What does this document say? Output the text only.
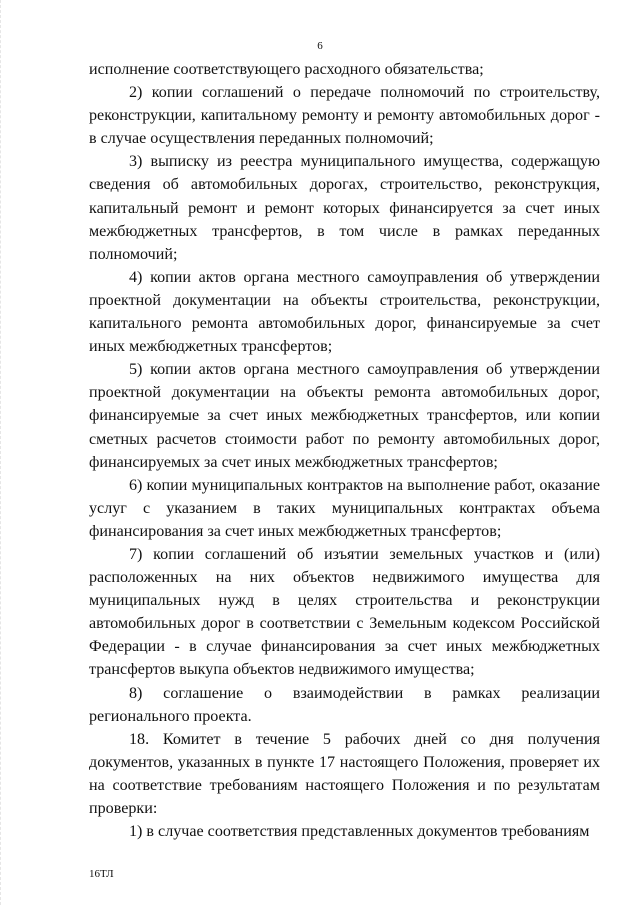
6

исполнение соответствующего расходного обязательства;

2) копии соглашений о передаче полномочий по строительству, реконструкции, капитальному ремонту и ремонту автомобильных дорог - в случае осуществления переданных полномочий;

3) выписку из реестра муниципального имущества, содержащую сведения об автомобильных дорогах, строительство, реконструкция, капитальный ремонт и ремонт которых финансируется за счет иных межбюджетных трансфертов, в том числе в рамках переданных полномочий;

4) копии актов органа местного самоуправления об утверждении проектной документации на объекты строительства, реконструкции, капитального ремонта автомобильных дорог, финансируемые за счет иных межбюджетных трансфертов;

5) копии актов органа местного самоуправления об утверждении проектной документации на объекты ремонта автомобильных дорог, финансируемые за счет иных межбюджетных трансфертов, или копии сметных расчетов стоимости работ по ремонту автомобильных дорог, финансируемых за счет иных межбюджетных трансфертов;

6) копии муниципальных контрактов на выполнение работ, оказание услуг с указанием в таких муниципальных контрактах объема финансирования за счет иных межбюджетных трансфертов;

7) копии соглашений об изъятии земельных участков и (или) расположенных на них объектов недвижимого имущества для муниципальных нужд в целях строительства и реконструкции автомобильных дорог в соответствии с Земельным кодексом Российской Федерации - в случае финансирования за счет иных межбюджетных трансфертов выкупа объектов недвижимого имущества;

8) соглашение о взаимодействии в рамках реализации регионального проекта.

18. Комитет в течение 5 рабочих дней со дня получения документов, указанных в пункте 17 настоящего Положения, проверяет их на соответствие требованиям настоящего Положения и по результатам проверки:

1) в случае соответствия представленных документов требованиям

16ТЛ
